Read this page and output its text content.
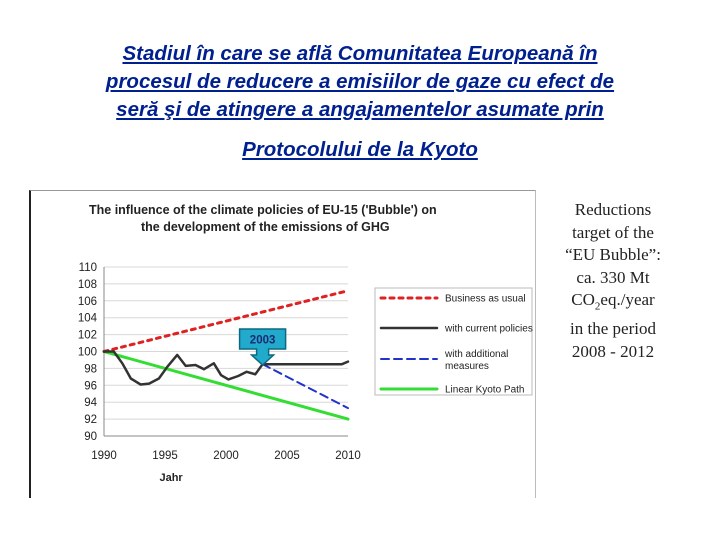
Stadiul în care se află Comunitatea Europeană în
procesul de reducere a emisiilor de gaze cu efect de
seră şi de atingere a angajamentelor asumate prin
Protocolului de la Kyoto
The influence of the climate policies of EU-15 ('Bubble') on
the development of the emissions of GHG
90
92
94
96
98
100
102
104
106
108
110
1990	1995	2000	2005	2010
Jahr
2003
Business as usual
with current policies
with additional
measures
Linear Kyoto Path
Reductions
target of the
“EU Bubble”:
ca. 330 Mt
$CO_2eq$./year
in the period
2008 - 2012
